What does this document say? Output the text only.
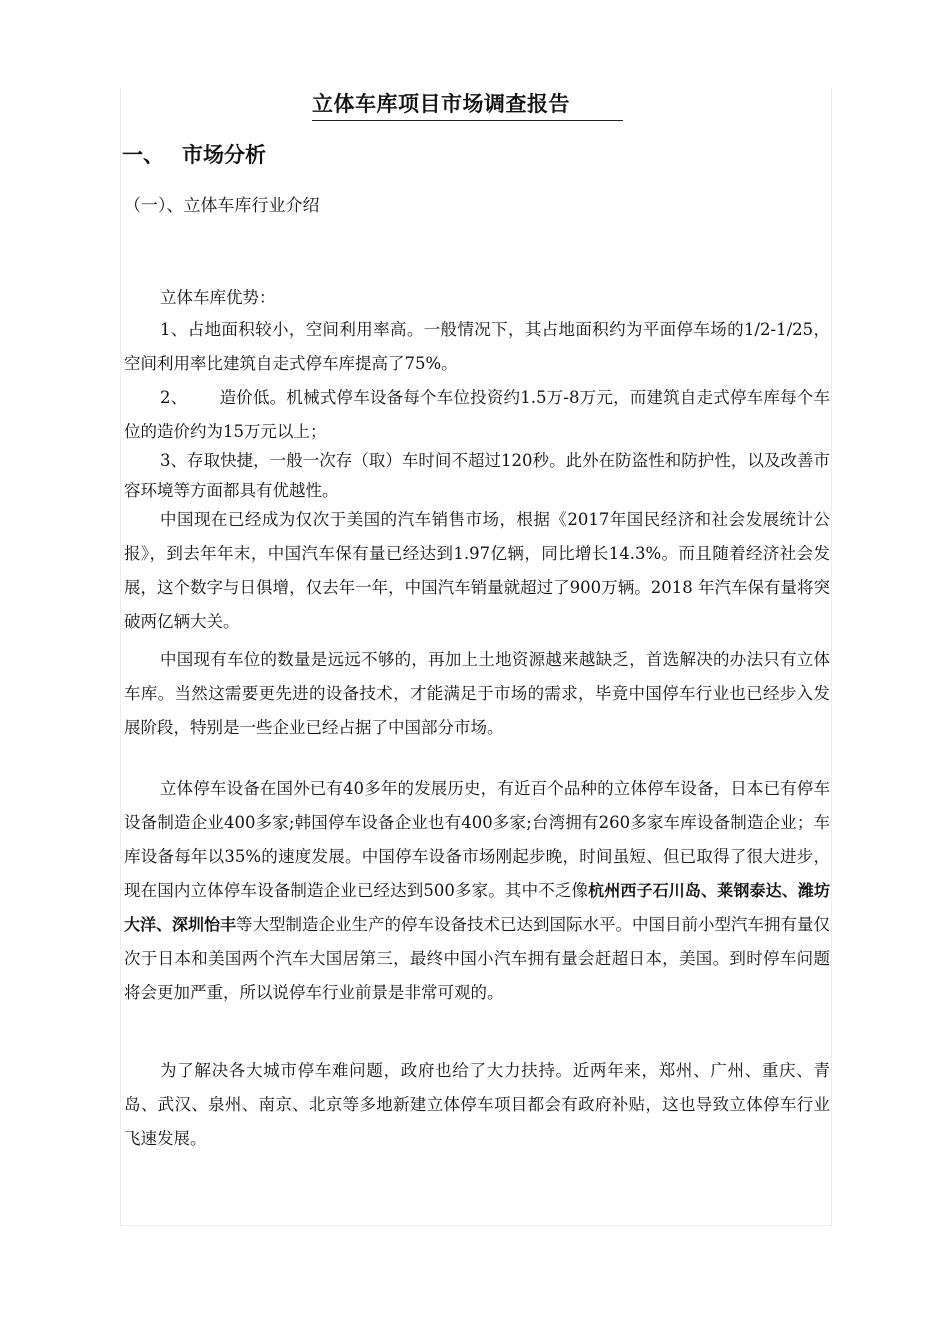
立体车库项目市场调查报告
一、 市场分析
（一）、立体车库行业介绍

立体车库优势：

1、占地面积较小，空间利用率高。一般情况下，其占地面积约为平面停车场的1/2-1/25，空间利用率比建筑自走式停车库提高了75%。

2、 造价低。机械式停车设备每个车位投资约1.5万-8万元，而建筑自走式停车库每个车位的造价约为15万元以上；

3、存取快捷，一般一次存（取）车时间不超过120秒。此外在防盗性和防护性，以及改善市容环境等方面都具有优越性。

中国现在已经成为仅次于美国的汽车销售市场，根据《2017年国民经济和社会发展统计公报》，到去年年末，中国汽车保有量已经达到1.97亿辆，同比增长14.3%。而且随着经济社会发展，这个数字与日俱增，仅去年一年，中国汽车销量就超过了900万辆。2018 年汽车保有量将突破两亿辆大关。

中国现有车位的数量是远远不够的，再加上土地资源越来越缺乏，首选解决的办法只有立体车库。当然这需要更先进的设备技术，才能满足于市场的需求，毕竟中国停车行业也已经步入发展阶段，特别是一些企业已经占据了中国部分市场。

立体停车设备在国外已有40多年的发展历史，有近百个品种的立体停车设备，日本已有停车设备制造企业400多家;韩国停车设备企业也有400多家;台湾拥有260多家车库设备制造企业；车库设备每年以35%的速度发展。中国停车设备市场刚起步晚，时间虽短、但已取得了很大进步，现在国内立体停车设备制造企业已经达到500多家。其中不乏像杭州西子石川岛、莱钢泰达、潍坊大洋、深圳怡丰等大型制造企业生产的停车设备技术已达到国际水平。中国目前小型汽车拥有量仅次于日本和美国两个汽车大国居第三，最终中国小汽车拥有量会赶超日本，美国。到时停车问题将会更加严重，所以说停车行业前景是非常可观的。

为了解决各大城市停车难问题，政府也给了大力扶持。近两年来，郑州、广州、重庆、青岛、武汉、泉州、南京、北京等多地新建立体停车项目都会有政府补贴，这也导致立体停车行业飞速发展。
